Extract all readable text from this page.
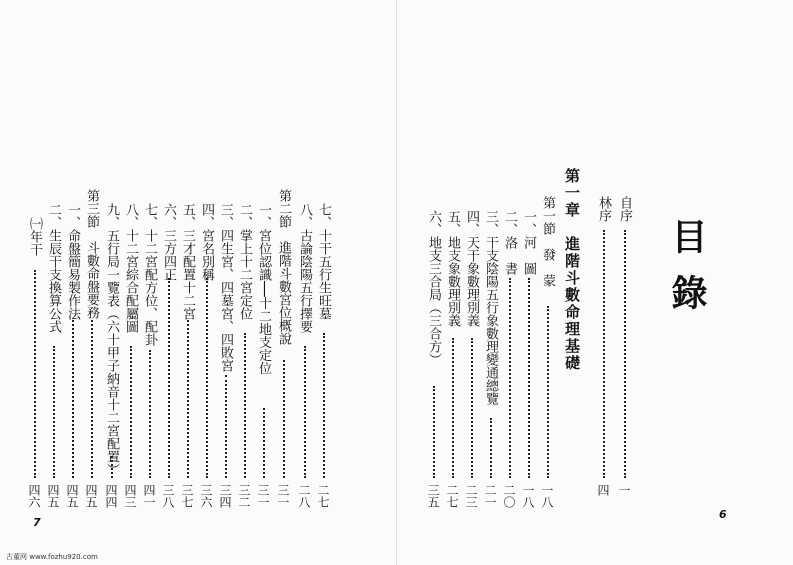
目錄
自序
一
林序
四
第一章　進階斗數命理基礎
第一節　發　蒙
一八
一、河　圖
一八
二、洛　書
二〇
三、干支陰陽五行象數理變通總覽
二一
四、天干象數理別義
二三
五、地支象數理別義
二七
六、地支三合局（三合方）
三五
6
七、十干五行生旺墓
二七
八、古論陰陽五行擇要
二八
第二節　進階斗數宮位概說
三一
一、宮位認識──十二地支定位
三一
二、掌上十二宮定位
三二
三、四生宮、四墓宮、四敗宮
三四
四、宮名別稱
三六
五、三才配置十二宮
三七
六、三方四正
三八
七、十二宮配方位、配卦
四一
八、十二宮綜合配屬圖
四三
九、五行局一覽表（六十甲子納音十二宮配置）
四四
第三節　斗數命盤要務
四五
一、命盤簡易製作法
四五
二、生辰干支換算公式
四五
㈠年干
四六
7
古董网 www.fozhu920.com
